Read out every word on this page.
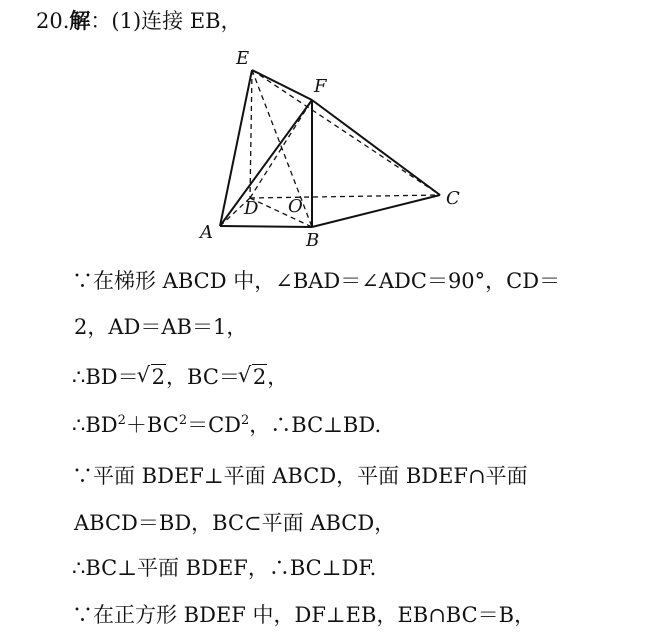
20.解：(1)连接 EB，
E
F
C
D O
A	B
∵在梯形 ABCD 中，∠BAD＝∠ADC＝90°，CD＝
2，AD＝AB＝1，
∴BD＝ √ 2，BC＝ √ 2，
$\therefore BD^2+BC^2=CD^2$，∴BC⊥BD.
∵平面 BDEF⊥平面 ABCD，平面 BDEF∩平面
ABCD＝BD，BC⊂平面 ABCD，
∴BC⊥平面 BDEF，∴BC⊥DF.
∵在正方形 BDEF 中，DF⊥EB，EB∩BC＝B，
